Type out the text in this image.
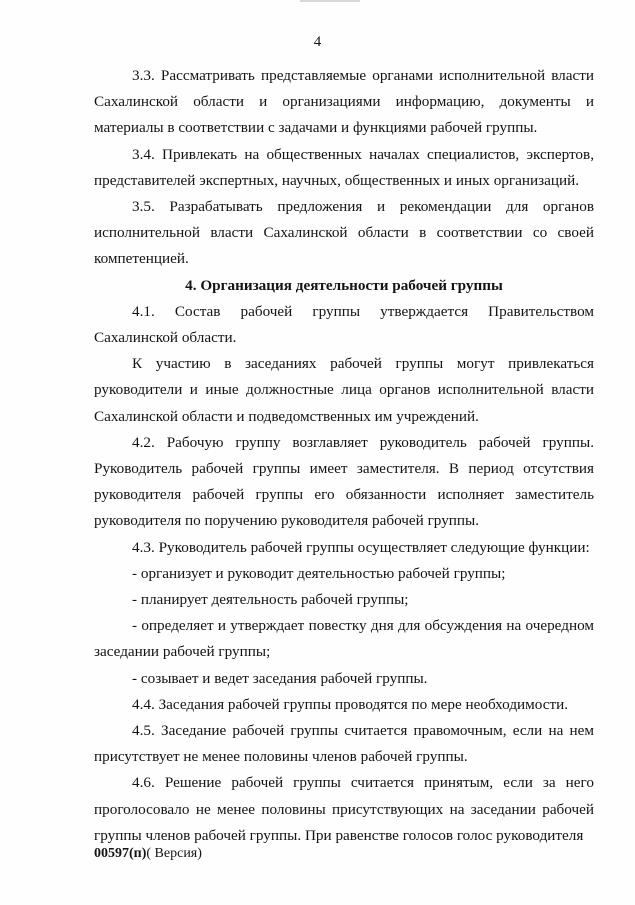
4

3.3. Рассматривать представляемые органами исполнительной власти Сахалинской области и организациями информацию, документы и материалы в соответствии с задачами и функциями рабочей группы.

3.4. Привлекать на общественных началах специалистов, экспертов, представителей экспертных, научных, общественных и иных организаций.

3.5. Разрабатывать предложения и рекомендации для органов исполнительной власти Сахалинской области в соответствии со своей компетенцией.

4. Организация деятельности рабочей группы

4.1. Состав рабочей группы утверждается Правительством Сахалинской области.

К участию в заседаниях рабочей группы могут привлекаться руководители и иные должностные лица органов исполнительной власти Сахалинской области и подведомственных им учреждений.

4.2. Рабочую группу возглавляет руководитель рабочей группы. Руководитель рабочей группы имеет заместителя. В период отсутствия руководителя рабочей группы его обязанности исполняет заместитель руководителя по поручению руководителя рабочей группы.

4.3. Руководитель рабочей группы осуществляет следующие функции:

- организует и руководит деятельностью рабочей группы;

- планирует деятельность рабочей группы;

- определяет и утверждает повестку дня для обсуждения на очередном заседании рабочей группы;

- созывает и ведет заседания рабочей группы.

4.4. Заседания рабочей группы проводятся по мере необходимости.

4.5. Заседание рабочей группы считается правомочным, если на нем присутствует не менее половины членов рабочей группы.

4.6. Решение рабочей группы считается принятым, если за него проголосовало не менее половины присутствующих на заседании рабочей группы членов рабочей группы. При равенстве голосов голос руководителя

00597(п)( Версия)
